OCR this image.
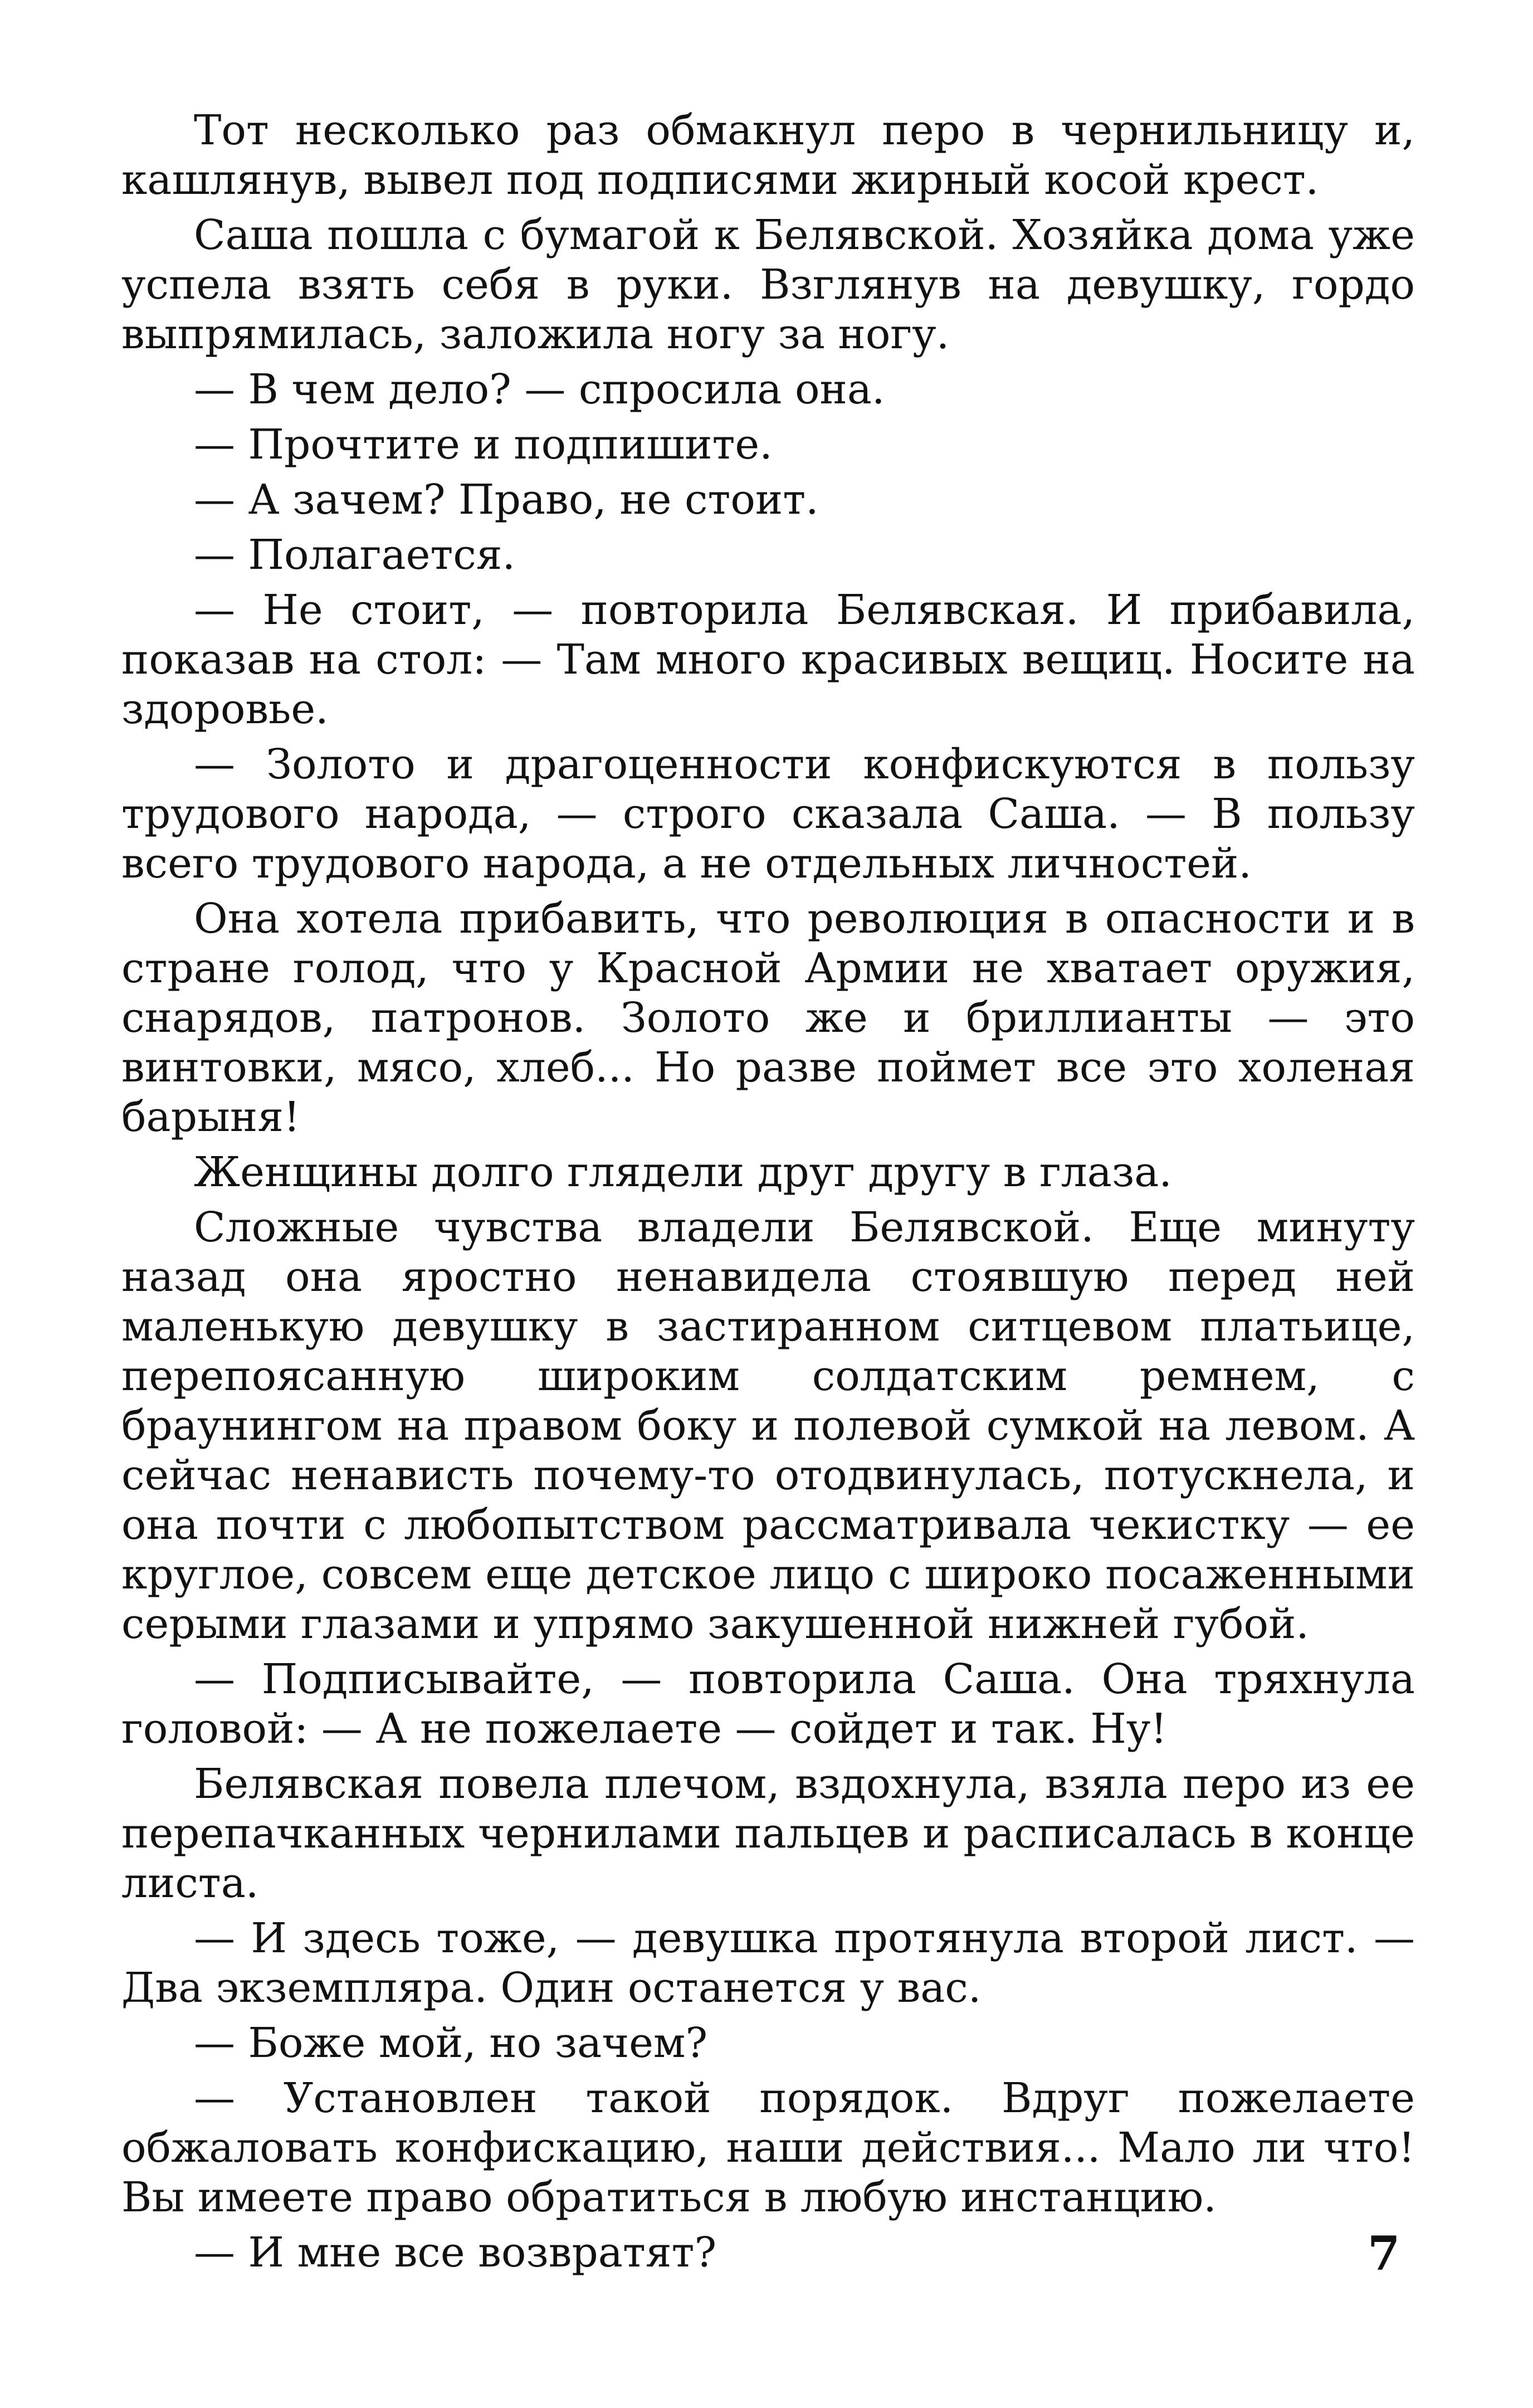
Тот несколько раз обмакнул перо в чернильницу и, кашлянув, вывел под подписями жирный косой крест.

Саша пошла с бумагой к Белявской. Хозяйка дома уже успела взять себя в руки. Взглянув на девушку, гордо выпрямилась, заложила ногу за ногу.

— В чем дело? — спросила она.

— Прочтите и подпишите.

— А зачем? Право, не стоит.

— Полагается.

— Не стоит, — повторила Белявская. И прибавила, показав на стол: — Там много красивых вещиц. Носите на здоровье.

— Золото и драгоценности конфискуются в пользу трудового народа, — строго сказала Саша. — В пользу всего трудового народа, а не отдельных личностей.

Она хотела прибавить, что революция в опасности и в стране голод, что у Красной Армии не хватает оружия, снарядов, патронов. Золото же и бриллианты — это винтовки, мясо, хлеб... Но разве поймет все это холеная барыня!

Женщины долго глядели друг другу в глаза.

Сложные чувства владели Белявской. Еще минуту назад она яростно ненавидела стоявшую перед ней маленькую девушку в застиранном ситцевом платьице, перепоясанную широким солдатским ремнем, с браунингом на правом боку и полевой сумкой на левом. А сейчас ненависть почему-то отодвинулась, потускнела, и она почти с любопытством рассматривала чекистку — ее круглое, совсем еще детское лицо с широко посаженными серыми глазами и упрямо закушенной нижней губой.

— Подписывайте, — повторила Саша. Она тряхнула головой: — А не пожелаете — сойдет и так. Ну!

Белявская повела плечом, вздохнула, взяла перо из ее перепачканных чернилами пальцев и расписалась в конце листа.

— И здесь тоже, — девушка протянула второй лист. — Два экземпляра. Один останется у вас.

— Боже мой, но зачем?

— Установлен такой порядок. Вдруг пожелаете обжаловать конфискацию, наши действия... Мало ли что! Вы имеете право обратиться в любую инстанцию.

— И мне все возвратят?	7
